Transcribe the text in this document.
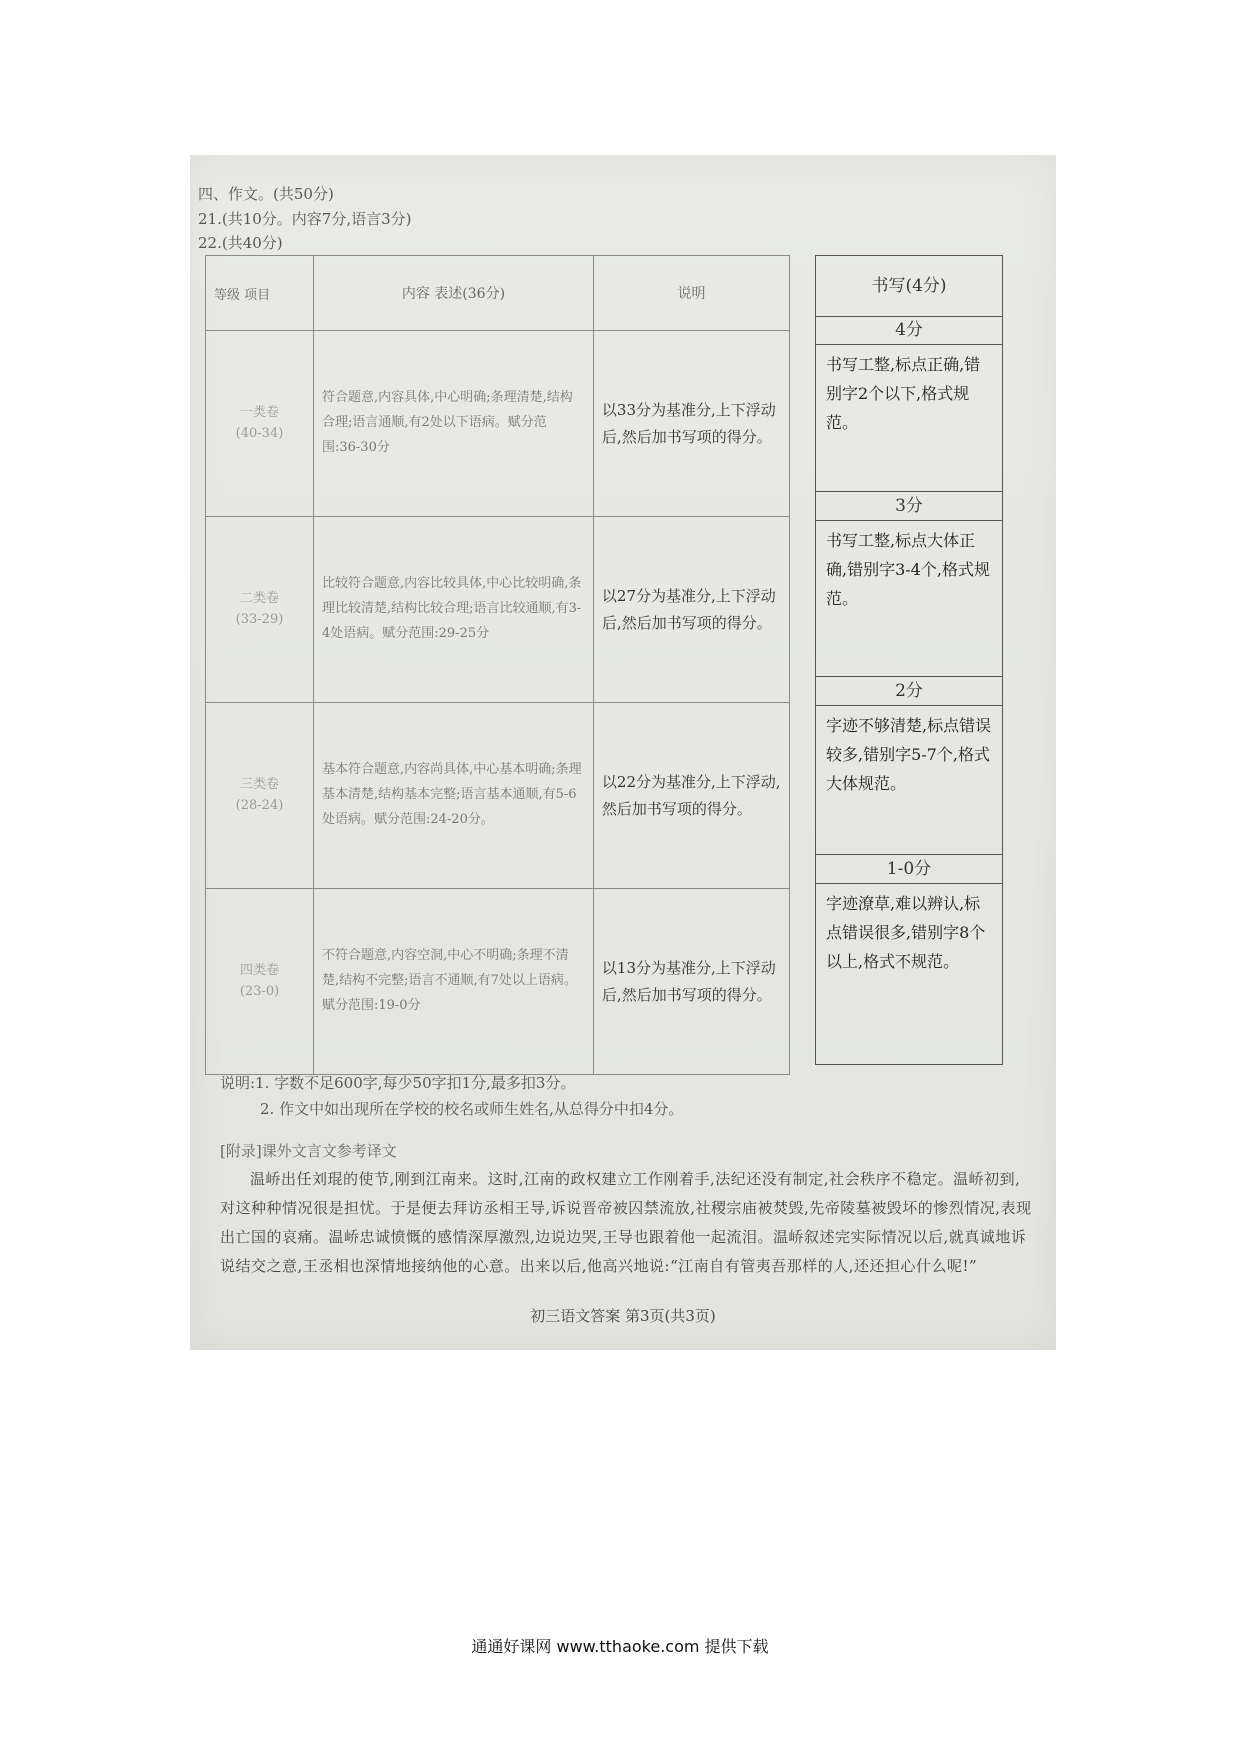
四、作文。(共50分)
21.(共10分。内容7分,语言3分)
22.(共40分)
等级 项目	内容 表述(36分)	说明

一类卷
(40-34)	符合题意,内容具体,中心明确;条理清楚,结构合理;语言通顺,有2处以下语病。赋分范围:36-30分	以33分为基准分,上下浮动后,然后加书写项的得分。

二类卷
(33-29)	比较符合题意,内容比较具体,中心比较明确,条理比较清楚,结构比较合理;语言比较通顺,有3-4处语病。赋分范围:29-25分	以27分为基准分,上下浮动后,然后加书写项的得分。

三类卷
(28-24)	基本符合题意,内容尚具体,中心基本明确;条理基本清楚,结构基本完整;语言基本通顺,有5-6处语病。赋分范围:24-20分。	以22分为基准分,上下浮动,然后加书写项的得分。

四类卷
(23-0)	不符合题意,内容空洞,中心不明确;条理不清楚,结构不完整;语言不通顺,有7处以上语病。赋分范围:19-0分	以13分为基准分,上下浮动后,然后加书写项的得分。
书写(4分)
4分
书写工整,标点正确,错别字2个以下,格式规范。
3分
书写工整,标点大体正确,错别字3-4个,格式规范。
2分
字迹不够清楚,标点错误较多,错别字5-7个,格式大体规范。
1-0分
字迹潦草,难以辨认,标点错误很多,错别字8个以上,格式不规范。
说明:1. 字数不足600字,每少50字扣1分,最多扣3分。
2. 作文中如出现所在学校的校名或师生姓名,从总得分中扣4分。
[附录]课外文言文参考译文
温峤出任刘琨的使节,刚到江南来。这时,江南的政权建立工作刚着手,法纪还没有制定,社会秩序不稳定。温峤初到,对这种种情况很是担忧。于是便去拜访丞相王导,诉说晋帝被囚禁流放,社稷宗庙被焚毁,先帝陵墓被毁坏的惨烈情况,表现出亡国的哀痛。温峤忠诚愤慨的感情深厚激烈,边说边哭,王导也跟着他一起流泪。温峤叙述完实际情况以后,就真诚地诉说结交之意,王丞相也深情地接纳他的心意。出来以后,他高兴地说:“江南自有管夷吾那样的人,还还担心什么呢!”
初三语文答案 第3页(共3页)
通通好课网 www.tthaoke.com 提供下载
